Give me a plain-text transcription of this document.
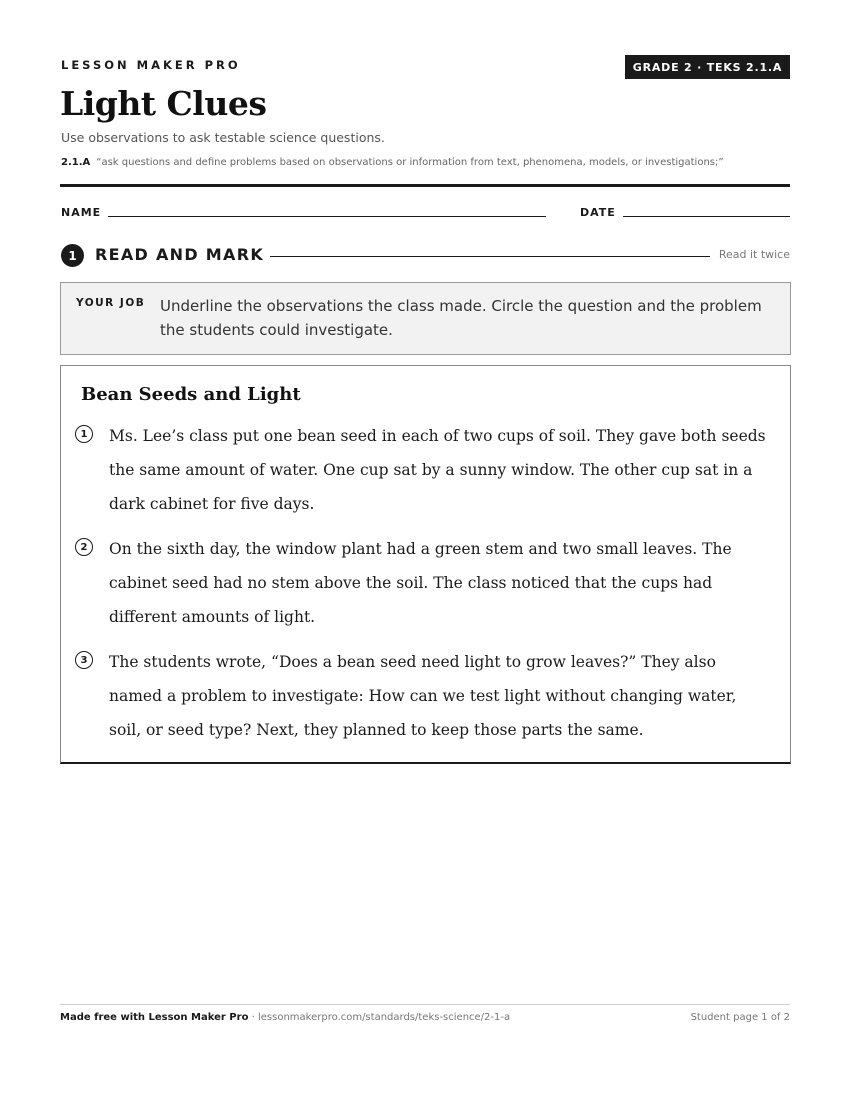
LESSON MAKER PRO	GRADE 2 · TEKS 2.1.A
Light Clues
Use observations to ask testable science questions.
2.1.A “ask questions and define problems based on observations or information from text, phenomena, models, or investigations;”
NAME	DATE
1	READ AND MARK	Read it twice
YOUR JOB Underline the observations the class made. Circle the question and the problem the students could investigate.
Bean Seeds and Light
1	Ms. Lee’s class put one bean seed in each of two cups of soil. They gave both seeds the same amount of water. One cup sat by a sunny window. The other cup sat in a dark cabinet for five days.
2	On the sixth day, the window plant had a green stem and two small leaves. The cabinet seed had no stem above the soil. The class noticed that the cups had different amounts of light.
3	The students wrote, “Does a bean seed need light to grow leaves?” They also named a problem to investigate: How can we test light without changing water, soil, or seed type? Next, they planned to keep those parts the same.
Made free with Lesson Maker Pro · lessonmakerpro.com/standards/teks-science/2-1-a	Student page 1 of 2
